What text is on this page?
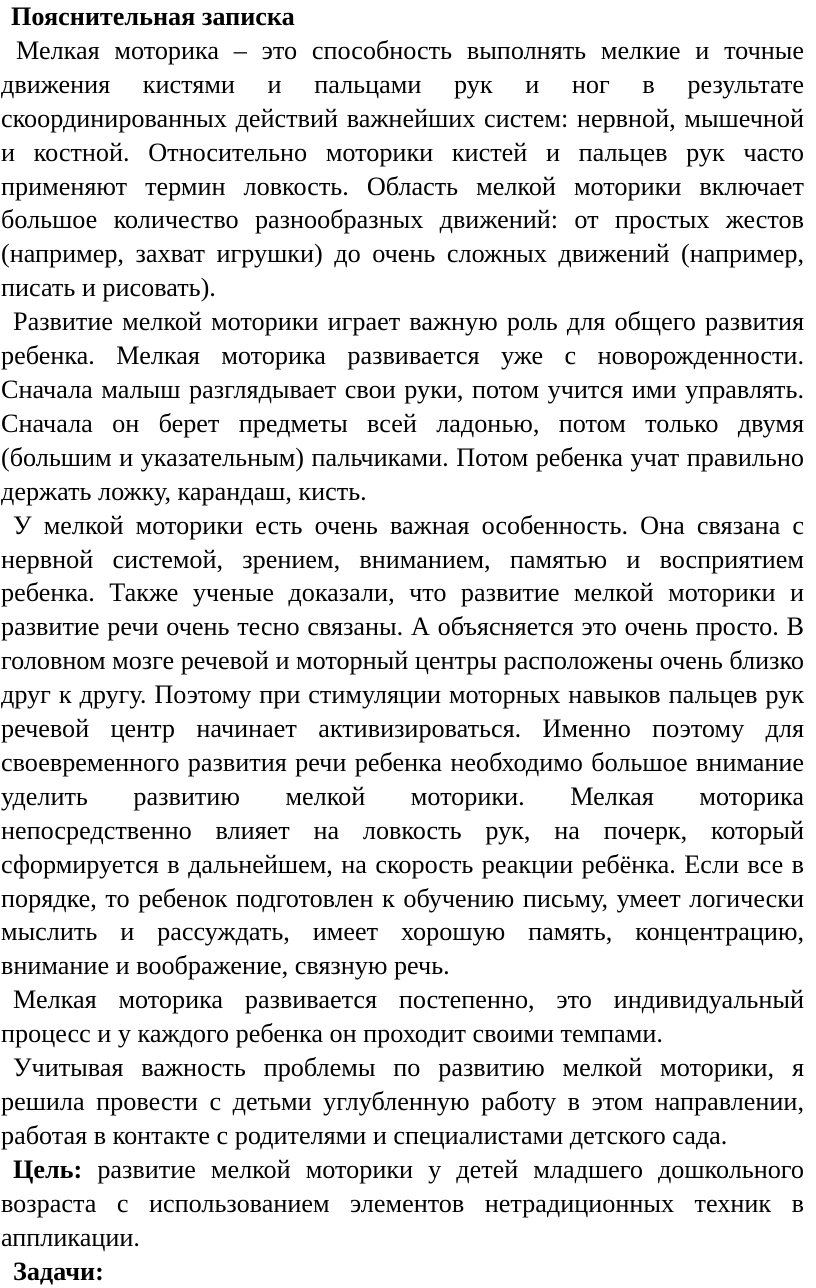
Пояснительная записка

Мелкая моторика – это способность выполнять мелкие и точные движения кистями и пальцами рук и ног в результате скоординированных действий важнейших систем: нервной, мышечной и костной. Относительно моторики кистей и пальцев рук часто применяют термин ловкость. Область мелкой моторики включает большое количество разнообразных движений: от простых жестов (например, захват игрушки) до очень сложных движений (например, писать и рисовать).

Развитие мелкой моторики играет важную роль для общего развития ребенка. Мелкая моторика развивается уже с новорожденности. Сначала малыш разглядывает свои руки, потом учится ими управлять. Сначала он берет предметы всей ладонью, потом только двумя (большим и указательным) пальчиками. Потом ребенка учат правильно держать ложку, карандаш, кисть.

У мелкой моторики есть очень важная особенность. Она связана с нервной системой, зрением, вниманием, памятью и восприятием ребенка. Также ученые доказали, что развитие мелкой моторики и развитие речи очень тесно связаны. А объясняется это очень просто. В головном мозге речевой и моторный центры расположены очень близко друг к другу. Поэтому при стимуляции моторных навыков пальцев рук речевой центр начинает активизироваться. Именно поэтому для своевременного развития речи ребенка необходимо большое внимание уделить развитию мелкой моторики. Мелкая моторика непосредственно влияет на ловкость рук, на почерк, который сформируется в дальнейшем, на скорость реакции ребёнка. Если все в порядке, то ребенок подготовлен к обучению письму, умеет логически мыслить и рассуждать, имеет хорошую память, концентрацию, внимание и воображение, связную речь.

Мелкая моторика развивается постепенно, это индивидуальный процесс и у каждого ребенка он проходит своими темпами.

Учитывая важность проблемы по развитию мелкой моторики, я решила провести с детьми углубленную работу в этом направлении, работая в контакте с родителями и специалистами детского сада.

Цель: развитие мелкой моторики у детей младшего дошкольного возраста с использованием элементов нетрадиционных техник в аппликации.

Задачи:
